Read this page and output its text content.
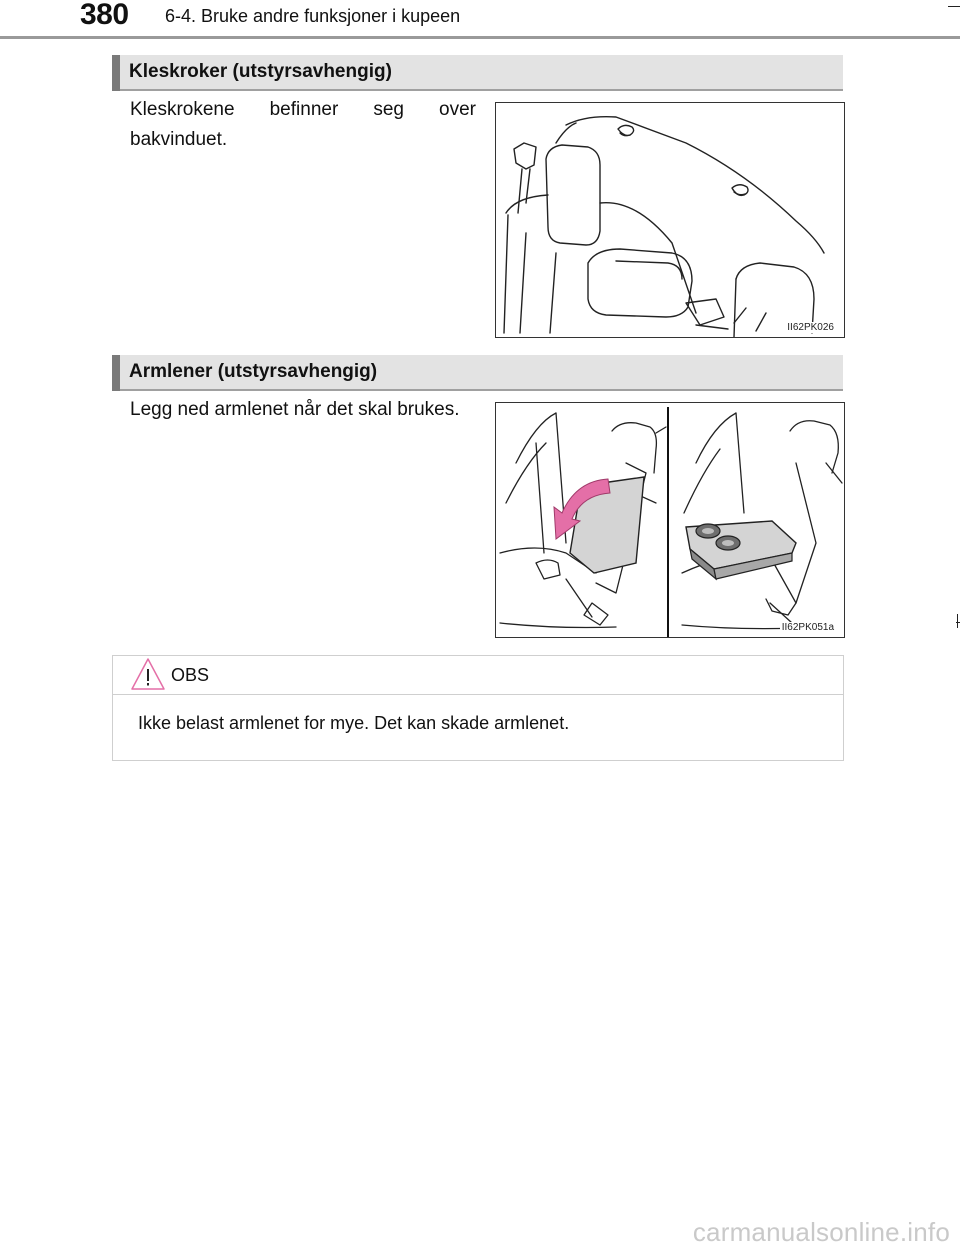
380 6-4. Bruke andre funksjoner i kupeen
Kleskroker (utstyrsavhengig)
Kleskrokene befinner seg over bakvinduet.
II62PK026
Armlener (utstyrsavhengig)
Legg ned armlenet når det skal brukes.
II62PK051a
OBS
Ikke belast armlenet for mye. Det kan skade armlenet.
carmanualsonline.info
